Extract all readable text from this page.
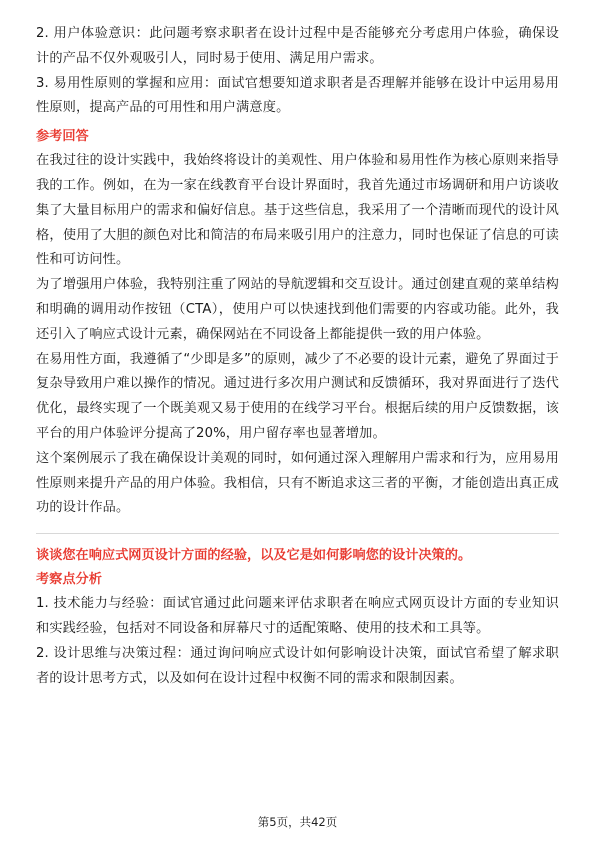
2. 用户体验意识：此问题考察求职者在设计过程中是否能够充分考虑用户体验，确保设计的产品不仅外观吸引人，同时易于使用、满足用户需求。

3. 易用性原则的掌握和应用：面试官想要知道求职者是否理解并能够在设计中运用易用性原则，提高产品的可用性和用户满意度。

参考回答

在我过往的设计实践中，我始终将设计的美观性、用户体验和易用性作为核心原则来指导我的工作。例如，在为一家在线教育平台设计界面时，我首先通过市场调研和用户访谈收集了大量目标用户的需求和偏好信息。基于这些信息，我采用了一个清晰而现代的设计风格，使用了大胆的颜色对比和简洁的布局来吸引用户的注意力，同时也保证了信息的可读性和可访问性。

为了增强用户体验，我特别注重了网站的导航逻辑和交互设计。通过创建直观的菜单结构和明确的调用动作按钮（CTA），使用户可以快速找到他们需要的内容或功能。此外，我还引入了响应式设计元素，确保网站在不同设备上都能提供一致的用户体验。

在易用性方面，我遵循了“少即是多”的原则，减少了不必要的设计元素，避免了界面过于复杂导致用户难以操作的情况。通过进行多次用户测试和反馈循环，我对界面进行了迭代优化，最终实现了一个既美观又易于使用的在线学习平台。根据后续的用户反馈数据，该平台的用户体验评分提高了20%，用户留存率也显著增加。

这个案例展示了我在确保设计美观的同时，如何通过深入理解用户需求和行为，应用易用性原则来提升产品的用户体验。我相信，只有不断追求这三者的平衡，才能创造出真正成功的设计作品。

谈谈您在响应式网页设计方面的经验，以及它是如何影响您的设计决策的。

考察点分析

1. 技术能力与经验：面试官通过此问题来评估求职者在响应式网页设计方面的专业知识和实践经验，包括对不同设备和屏幕尺寸的适配策略、使用的技术和工具等。

2. 设计思维与决策过程：通过询问响应式设计如何影响设计决策，面试官希望了解求职者的设计思考方式，以及如何在设计过程中权衡不同的需求和限制因素。

第5页，共42页
